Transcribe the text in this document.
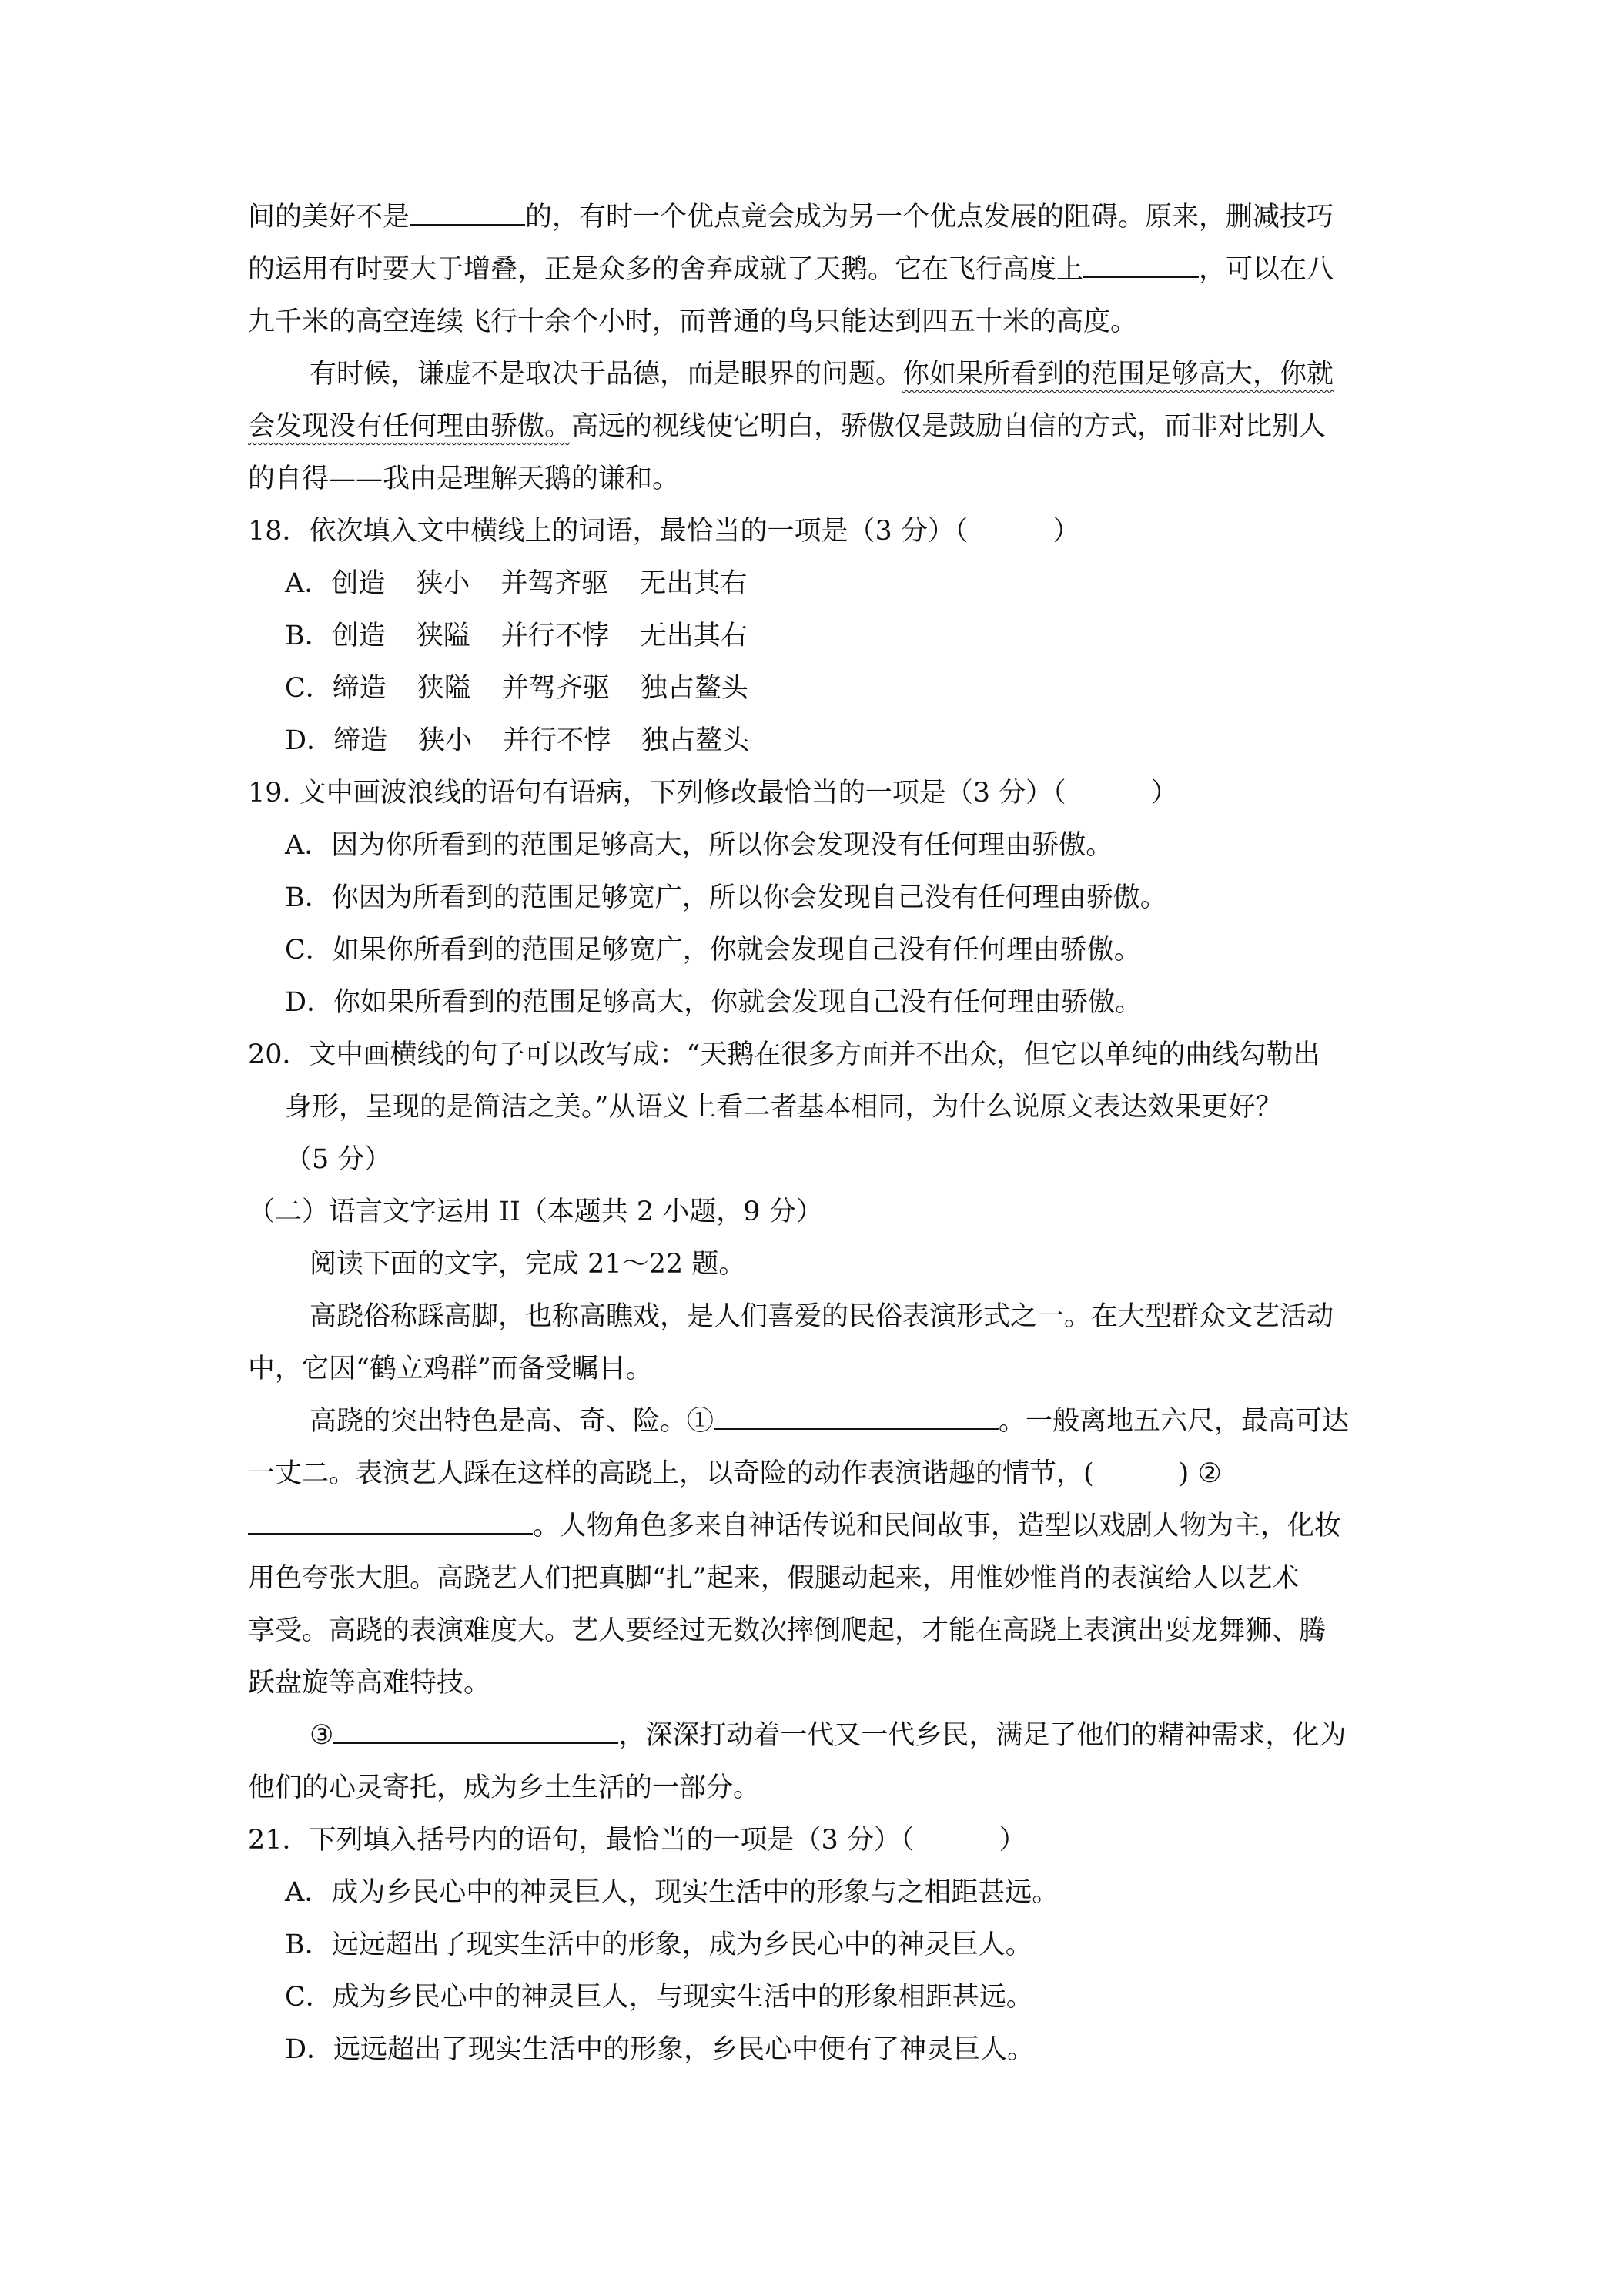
间的美好不是	的，有时一个优点竟会成为另一个优点发展的阻碍。原来，删减技巧
的运用有时要大于增叠，正是众多的舍弃成就了天鹅。它在飞行高度上	，可以在八
九千米的高空连续飞行十余个小时，而普通的鸟只能达到四五十米的高度。
有时候，谦虚不是取决于品德，而是眼界的问题。你如果所看到的范围足够高大，你就
会发现没有任何理由骄傲。高远的视线使它明白，骄傲仅是鼓励自信的方式，而非对比别人
的自得——我由是理解天鹅的谦和。
18．依次填入文中横线上的词语，最恰当的一项是（3 分）（	）
A．创造 狭小 并驾齐驱 无出其右
B．创造 狭隘 并行不悖 无出其右
C．缔造 狭隘 并驾齐驱 独占鳌头
D．缔造 狭小 并行不悖 独占鳌头
19. 文中画波浪线的语句有语病，下列修改最恰当的一项是（3 分）（	）
A．因为你所看到的范围足够高大，所以你会发现没有任何理由骄傲。
B．你因为所看到的范围足够宽广，所以你会发现自己没有任何理由骄傲。
C．如果你所看到的范围足够宽广，你就会发现自己没有任何理由骄傲。
D．你如果所看到的范围足够高大，你就会发现自己没有任何理由骄傲。
20．文中画横线的句子可以改写成：“天鹅在很多方面并不出众，但它以单纯的曲线勾勒出
身形，呈现的是简洁之美。”从语义上看二者基本相同，为什么说原文表达效果更好？
（5 分）
（二）语言文字运用 II（本题共 2 小题，9 分）
阅读下面的文字，完成 21～22 题。
高跷俗称踩高脚，也称高瞧戏，是人们喜爱的民俗表演形式之一。在大型群众文艺活动
中，它因“鹤立鸡群”而备受瞩目。
高跷的突出特色是高、奇、险。①	。一般离地五六尺，最高可达
一丈二。表演艺人踩在这样的高跷上，以奇险的动作表演谐趣的情节，(	) ②
。人物角色多来自神话传说和民间故事，造型以戏剧人物为主，化妆
用色夸张大胆。高跷艺人们把真脚“扎”起来，假腿动起来，用惟妙惟肖的表演给人以艺术
享受。高跷的表演难度大。艺人要经过无数次摔倒爬起，才能在高跷上表演出耍龙舞狮、腾
跃盘旋等高难特技。
③	，深深打动着一代又一代乡民，满足了他们的精神需求，化为
他们的心灵寄托，成为乡土生活的一部分。
21．下列填入括号内的语句，最恰当的一项是（3 分）（	）
A．成为乡民心中的神灵巨人，现实生活中的形象与之相距甚远。
B．远远超出了现实生活中的形象，成为乡民心中的神灵巨人。
C．成为乡民心中的神灵巨人，与现实生活中的形象相距甚远。
D．远远超出了现实生活中的形象，乡民心中便有了神灵巨人。
